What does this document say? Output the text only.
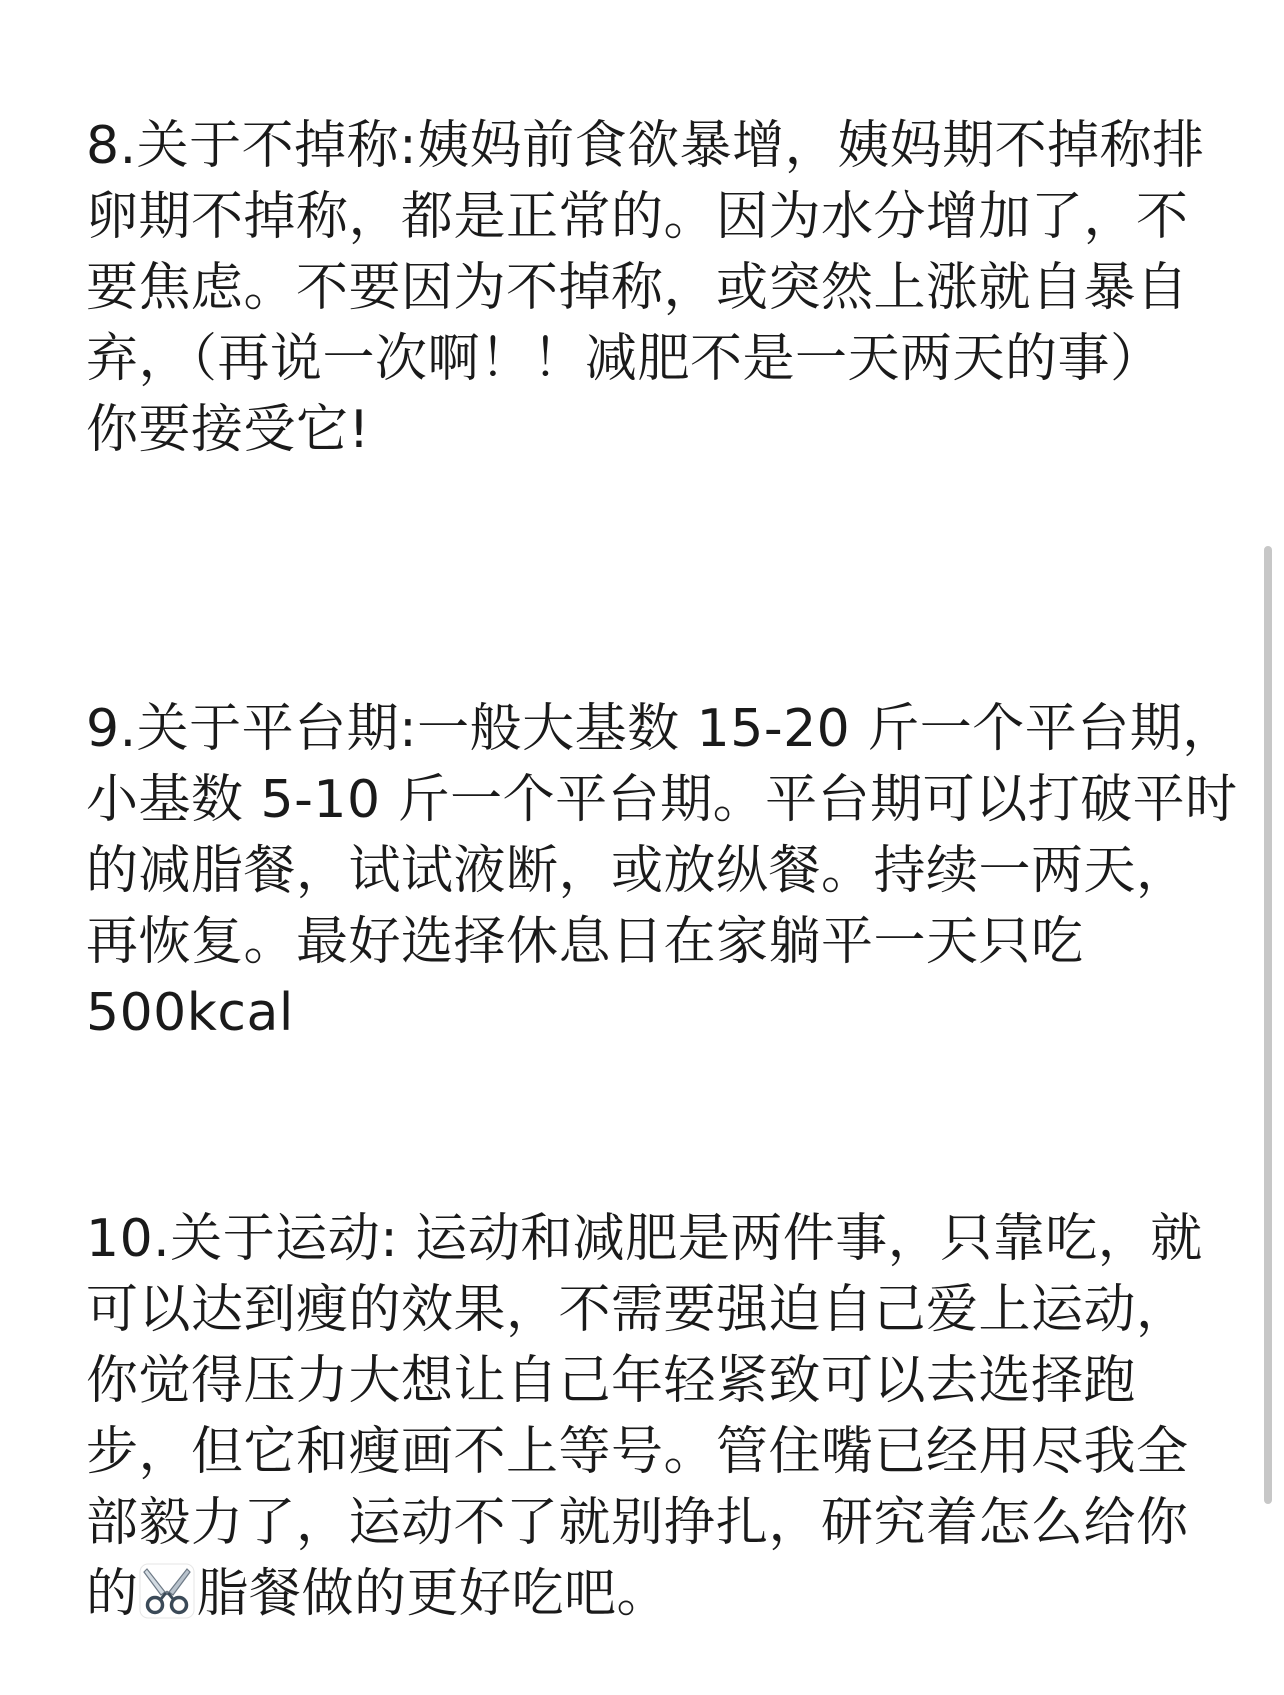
8.关于不掉称:姨妈前食欲暴增，姨妈期不掉称排
卵期不掉称，都是正常的。因为水分增加了，不
要焦虑。不要因为不掉称，或突然上涨就自暴自
弃，（再说一次啊！！减肥不是一天两天的事）
你要接受它!
9.关于平台期:一般大基数 15-20 斤一个平台期，
小基数 5-10 斤一个平台期。平台期可以打破平时
的减脂餐，试试液断，或放纵餐。持续一两天，
再恢复。最好选择休息日在家躺平一天只吃
500kcal
10.关于运动: 运动和减肥是两件事，只靠吃，就
可以达到瘦的效果，不需要强迫自己爱上运动，
你觉得压力大想让自己年轻紧致可以去选择跑
步，但它和瘦画不上等号。管住嘴已经用尽我全
部毅力了，运动不了就别挣扎，研究着怎么给你
的 脂餐做的更好吃吧。
